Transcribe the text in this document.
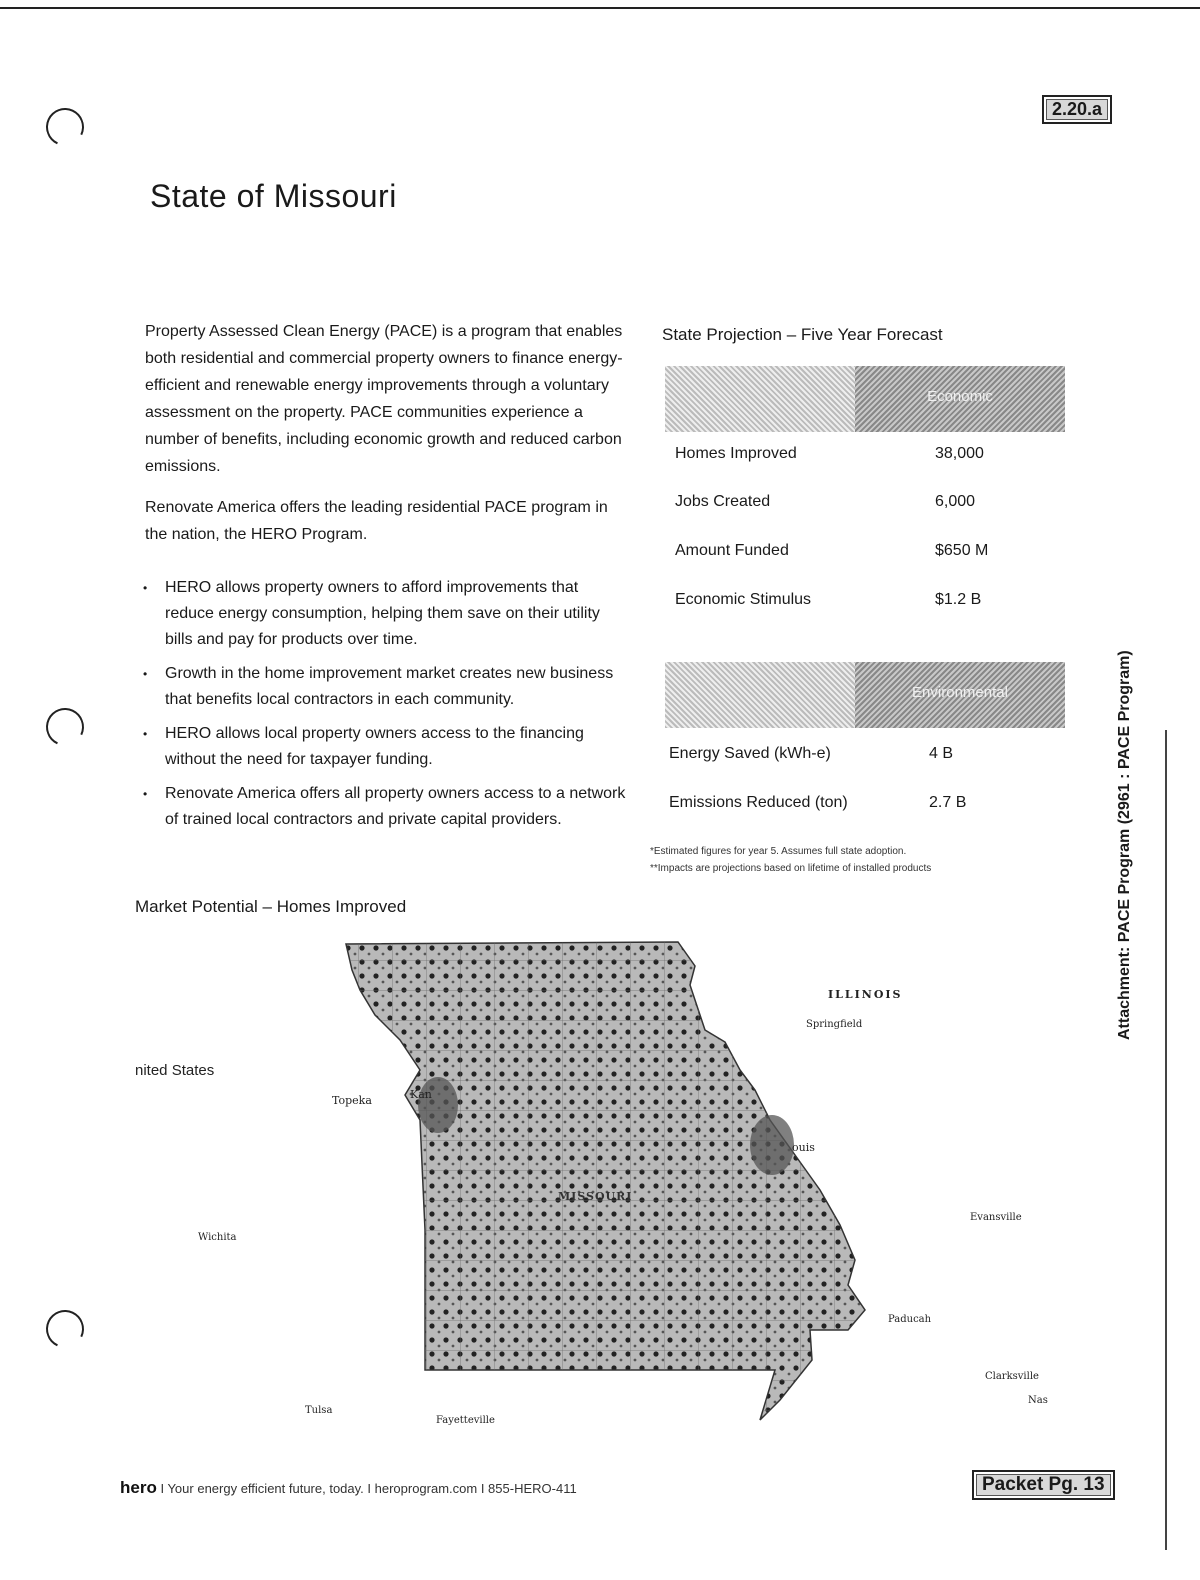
2.20.a
State of Missouri

Property Assessed Clean Energy (PACE) is a program that enables both residential and commercial property owners to finance energy-efficient and renewable energy improvements through a voluntary assessment on the property. PACE communities experience a number of benefits, including economic growth and reduced carbon emissions.

Renovate America offers the leading residential PACE program in the nation, the HERO Program.

• HERO allows property owners to afford improvements that reduce energy consumption, helping them save on their utility bills and pay for products over time.
• Growth in the home improvement market creates new business that benefits local contractors in each community.
• HERO allows local property owners access to the financing without the need for taxpayer funding.
• Renovate America offers all property owners access to a network of trained local contractors and private capital providers.
State Projection – Five Year Forecast
Economic
Homes Improved	38,000
Jobs Created	6,000
Amount Funded	$650 M
Economic Stimulus	$1.2 B
Environmental
Energy Saved (kWh-e)	4 B
Emissions Reduced (ton)	2.7 B
*Estimated figures for year 5. Assumes full state adoption.
**Impacts are projections based on lifetime of installed products
Market Potential – Homes Improved
ILLINOIS
Springfield
nited States
Topeka	Kan
ouis
MISSOURI
Evansville
Wichita
Paducah
Clarksville
Nas
Tulsa
Fayetteville
Attachment: PACE Program (2961 : PACE Program)
hero I Your energy efficient future, today. I heroprogram.com I 855-HERO-411	Packet Pg. 13
